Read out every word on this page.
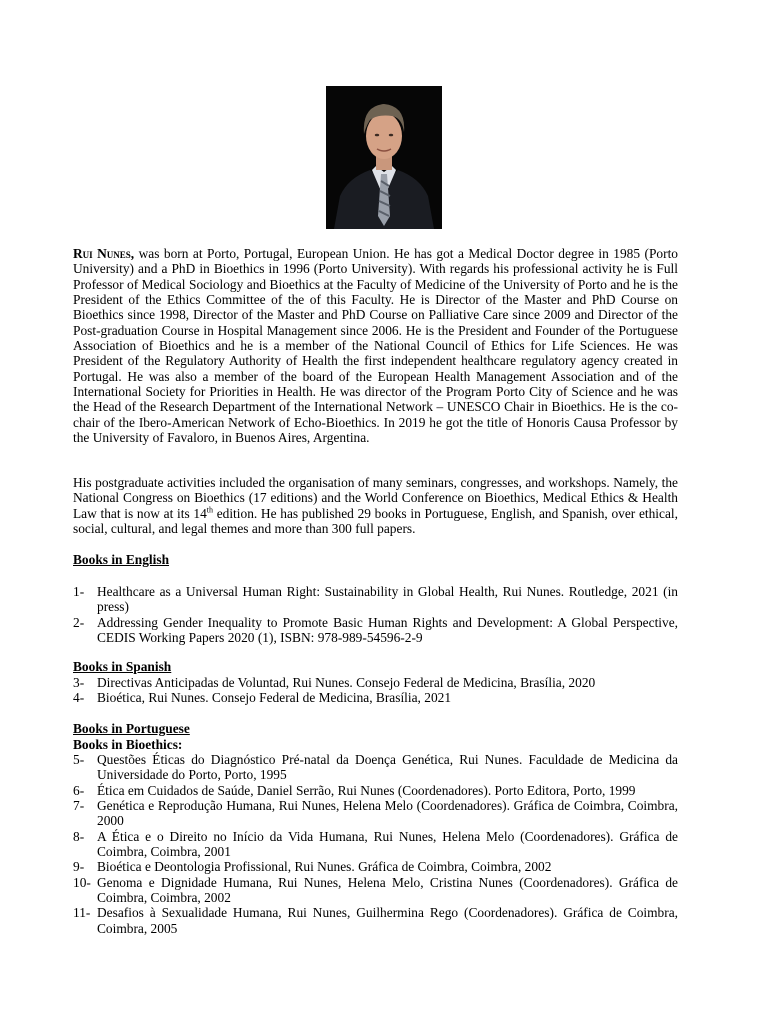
Rui Nunes, was born at Porto, Portugal, European Union. He has got a Medical Doctor degree in 1985 (Porto University) and a PhD in Bioethics in 1996 (Porto University). With regards his professional activity he is Full Professor of Medical Sociology and Bioethics at the Faculty of Medicine of the University of Porto and he is the President of the Ethics Committee of the of this Faculty. He is Director of the Master and PhD Course on Bioethics since 1998, Director of the Master and PhD Course on Palliative Care since 2009 and Director of the Post-graduation Course in Hospital Management since 2006. He is the President and Founder of the Portuguese Association of Bioethics and he is a member of the National Council of Ethics for Life Sciences. He was President of the Regulatory Authority of Health the first independent healthcare regulatory agency created in Portugal. He was also a member of the board of the European Health Management Association and of the International Society for Priorities in Health. He was director of the Program Porto City of Science and he was the Head of the Research Department of the International Network – UNESCO Chair in Bioethics. He is the co-chair of the Ibero-American Network of Echo-Bioethics. In 2019 he got the title of Honoris Causa Professor by the University of Favaloro, in Buenos Aires, Argentina.

His postgraduate activities included the organisation of many seminars, congresses, and workshops. Namely, the National Congress on Bioethics (17 editions) and the World Conference on Bioethics, Medical Ethics & Health Law that is now at its 14th edition. He has published 29 books in Portuguese, English, and Spanish, over ethical, social, cultural, and legal themes and more than 300 full papers.

Books in English

1- Healthcare as a Universal Human Right: Sustainability in Global Health, Rui Nunes. Routledge, 2021 (in press)
2- Addressing Gender Inequality to Promote Basic Human Rights and Development: A Global Perspective, CEDIS Working Papers 2020 (1), ISBN: 978-989-54596-2-9

Books in Spanish

3- Directivas Anticipadas de Voluntad, Rui Nunes. Consejo Federal de Medicina, Brasília, 2020
4- Bioética, Rui Nunes. Consejo Federal de Medicina, Brasília, 2021

Books in Portuguese

Books in Bioethics:

5- Questões Éticas do Diagnóstico Pré-natal da Doença Genética, Rui Nunes. Faculdade de Medicina da Universidade do Porto, Porto, 1995
6- Ética em Cuidados de Saúde, Daniel Serrão, Rui Nunes (Coordenadores). Porto Editora, Porto, 1999
7- Genética e Reprodução Humana, Rui Nunes, Helena Melo (Coordenadores). Gráfica de Coimbra, Coimbra, 2000
8- A Ética e o Direito no Início da Vida Humana, Rui Nunes, Helena Melo (Coordenadores). Gráfica de Coimbra, Coimbra, 2001
9- Bioética e Deontologia Profissional, Rui Nunes. Gráfica de Coimbra, Coimbra, 2002
10- Genoma e Dignidade Humana, Rui Nunes, Helena Melo, Cristina Nunes (Coordenadores). Gráfica de Coimbra, Coimbra, 2002
11- Desafios à Sexualidade Humana, Rui Nunes, Guilhermina Rego (Coordenadores). Gráfica de Coimbra, Coimbra, 2005
